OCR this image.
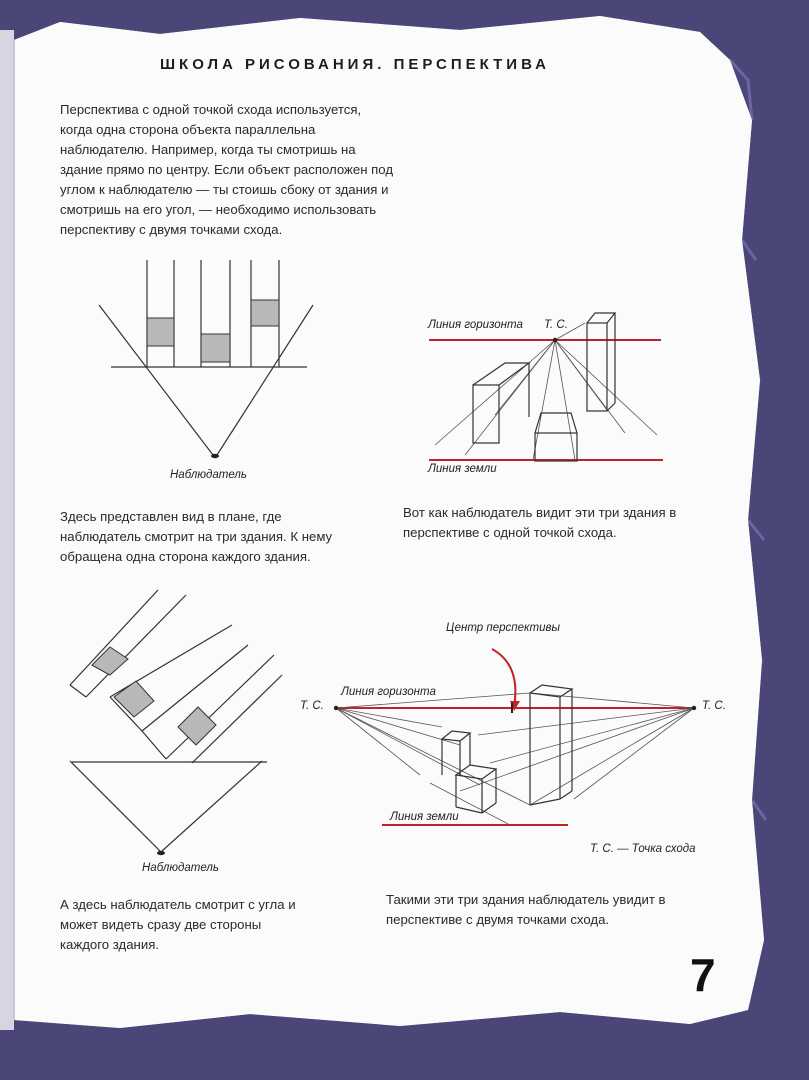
Наблюдатель
Линия горизонта Т. С.
Линия земли
Наблюдатель
Центр перспективы
Линия горизонта
Т. С.	Т. С.
Линия земли
Т. С. — Точка схода
ШКОЛА РИСОВАНИЯ. ПЕРСПЕКТИВА
Перспектива с одной точкой схода используется, когда одна сторона объекта параллельна наблюдателю. Например, когда ты смотришь на здание прямо по центру. Если объект расположен под углом к наблюдателю — ты стоишь сбоку от здания и смотришь на его угол, — необходимо использовать перспективу с двумя точками схода.
Здесь представлен вид в плане, где наблюдатель смотрит на три здания. К нему обращена одна сторона каждого здания.
Вот как наблюдатель видит эти три здания в перспективе с одной точкой схода.
А здесь наблюдатель смотрит с угла и может видеть сразу две стороны каждого здания.
Такими эти три здания наблюдатель увидит в перспективе с двумя точками схода.
7
